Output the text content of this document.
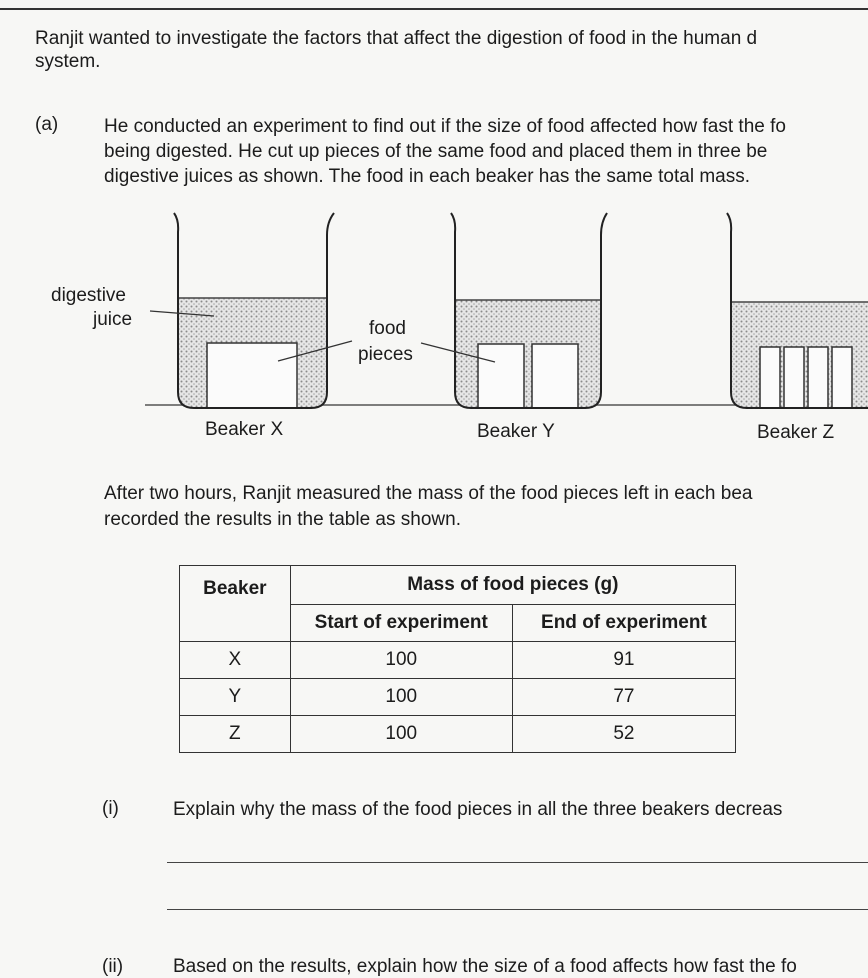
Ranjit wanted to investigate the factors that affect the digestion of food in the human d
system.
(a) He conducted an experiment to find out if the size of food affected how fast the fo
being digested. He cut up pieces of the same food and placed them in three be
digestive juices as shown. The food in each beaker has the same total mass.
digestive
juice	food
pieces
Beaker X	Beaker Y	Beaker Z
After two hours, Ranjit measured the mass of the food pieces left in each bea
recorded the results in the table as shown.
Beaker	Mass of food pieces (g)	
	Start of experiment	End of experiment
X	100	91
Y	100	77
Z	100	52
(i)	Explain why the mass of the food pieces in all the three beakers decreas
(ii)	Based on the results, explain how the size of a food affects how fast the fo
